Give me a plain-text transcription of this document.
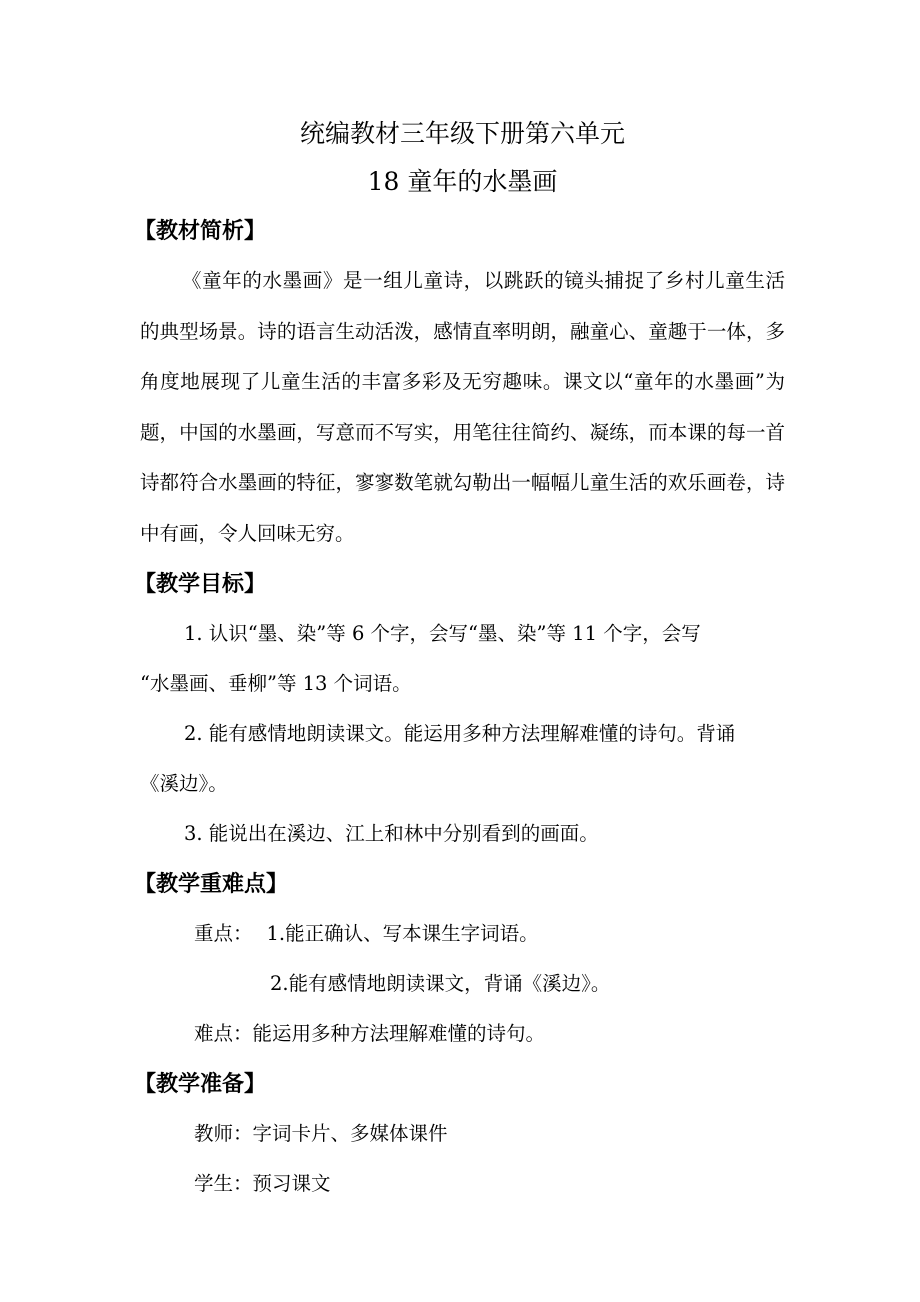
统编教材三年级下册第六单元
18 童年的水墨画
【教材简析】

《童年的水墨画》是一组儿童诗，以跳跃的镜头捕捉了乡村儿童生活的典型场景。诗的语言生动活泼，感情直率明朗，融童心、童趣于一体，多角度地展现了儿童生活的丰富多彩及无穷趣味。课文以“童年的水墨画”为题，中国的水墨画，写意而不写实，用笔往往简约、凝练，而本课的每一首诗都符合水墨画的特征，寥寥数笔就勾勒出一幅幅儿童生活的欢乐画卷，诗中有画，令人回味无穷。

【教学目标】
1. 认识“墨、染”等 6 个字，会写“墨、染”等 11 个字，会写
“水墨画、垂柳”等 13 个词语。
2. 能有感情地朗读课文。能运用多种方法理解难懂的诗句。背诵
《溪边》。
3. 能说出在溪边、江上和林中分别看到的画面。
【教学重难点】
重点： 1.能正确认、写本课生字词语。
2.能有感情地朗读课文，背诵《溪边》。
难点：能运用多种方法理解难懂的诗句。
【教学准备】
教师：字词卡片、多媒体课件
学生：预习课文
